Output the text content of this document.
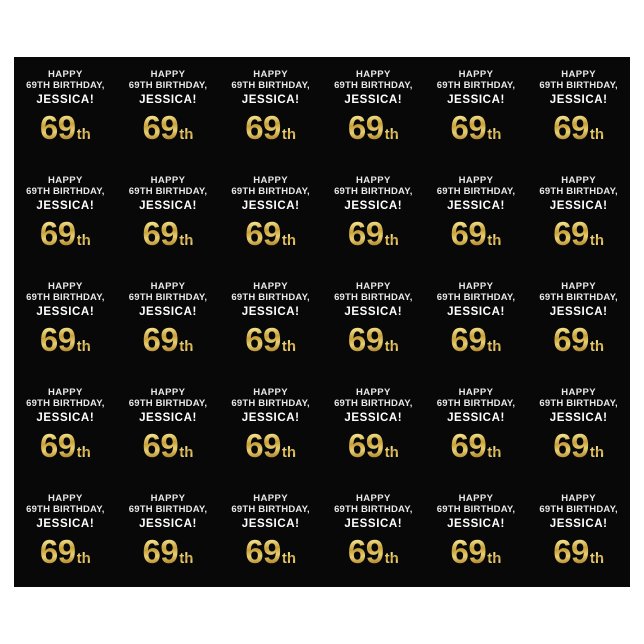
HAPPY
69TH BIRTHDAY,
JESSICA!
69 th
HAPPY
69TH BIRTHDAY,
JESSICA!
69 th
HAPPY
69TH BIRTHDAY,
JESSICA!
69 th
HAPPY
69TH BIRTHDAY,
JESSICA!
69 th
HAPPY
69TH BIRTHDAY,
JESSICA!
69 th
HAPPY
69TH BIRTHDAY,
JESSICA!
69 th
HAPPY
69TH BIRTHDAY,
JESSICA!
69 th
HAPPY
69TH BIRTHDAY,
JESSICA!
69 th
HAPPY
69TH BIRTHDAY,
JESSICA!
69 th
HAPPY
69TH BIRTHDAY,
JESSICA!
69 th
HAPPY
69TH BIRTHDAY,
JESSICA!
69 th
HAPPY
69TH BIRTHDAY,
JESSICA!
69 th
HAPPY
69TH BIRTHDAY,
JESSICA!
69 th
HAPPY
69TH BIRTHDAY,
JESSICA!
69 th
HAPPY
69TH BIRTHDAY,
JESSICA!
69 th
HAPPY
69TH BIRTHDAY,
JESSICA!
69 th
HAPPY
69TH BIRTHDAY,
JESSICA!
69 th
HAPPY
69TH BIRTHDAY,
JESSICA!
69 th
HAPPY
69TH BIRTHDAY,
JESSICA!
69 th
HAPPY
69TH BIRTHDAY,
JESSICA!
69 th
HAPPY
69TH BIRTHDAY,
JESSICA!
69 th
HAPPY
69TH BIRTHDAY,
JESSICA!
69 th
HAPPY
69TH BIRTHDAY,
JESSICA!
69 th
HAPPY
69TH BIRTHDAY,
JESSICA!
69 th
HAPPY
69TH BIRTHDAY,
JESSICA!
69 th
HAPPY
69TH BIRTHDAY,
JESSICA!
69 th
HAPPY
69TH BIRTHDAY,
JESSICA!
69 th
HAPPY
69TH BIRTHDAY,
JESSICA!
69 th
HAPPY
69TH BIRTHDAY,
JESSICA!
69 th
HAPPY
69TH BIRTHDAY,
JESSICA!
69 th
